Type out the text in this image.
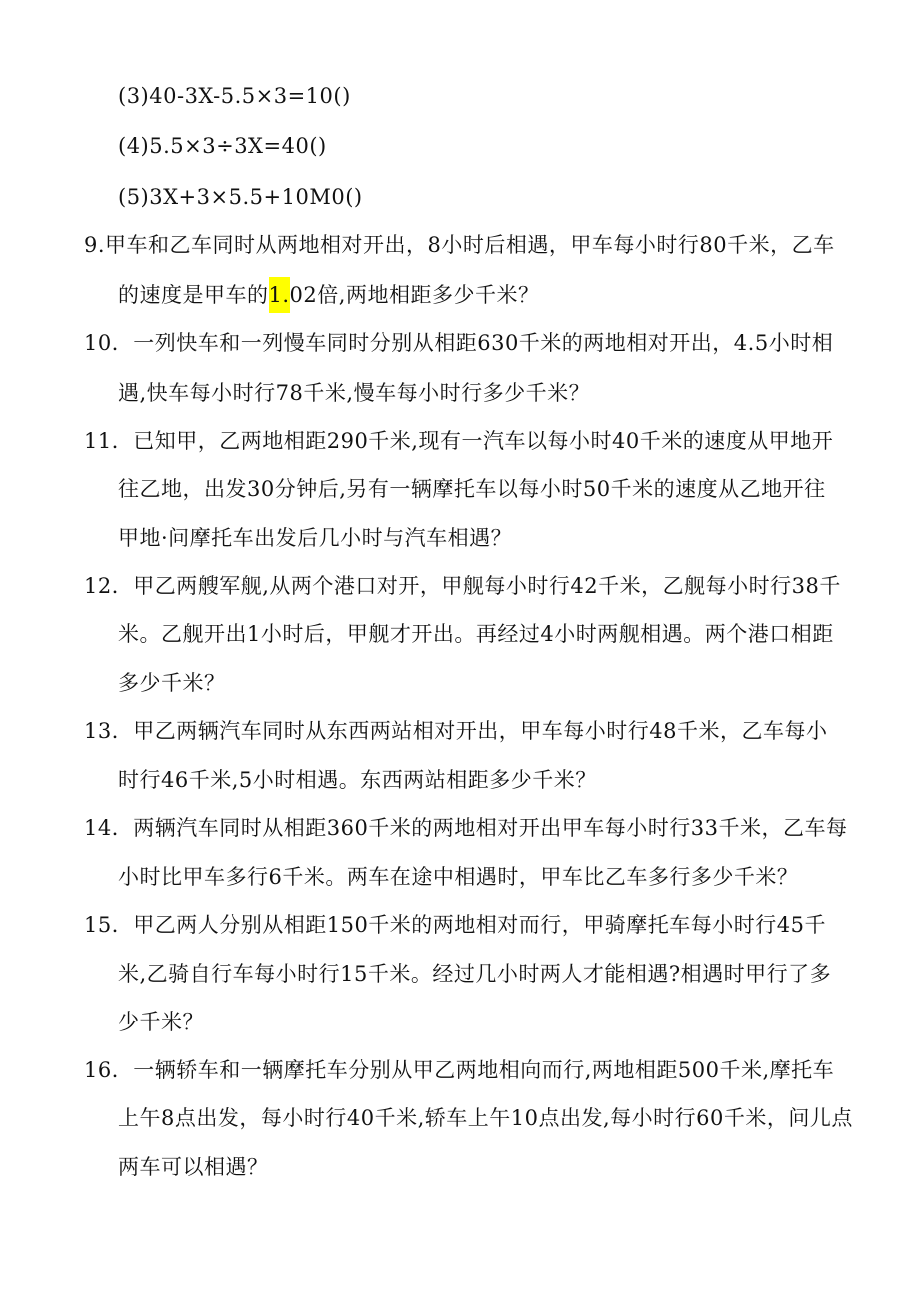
(3)40-3X-5.5×3=10()
(4)5.5×3÷3X=40()
(5)3X+3×5.5+10M0()
9.甲车和乙车同时从两地相对开出，8小时后相遇，甲车每小时行80千米，乙车
的速度是甲车的1.02倍,两地相距多少千米？
10．一列快车和一列慢车同时分别从相距630千米的两地相对开出，4.5小时相
遇,快车每小时行78千米,慢车每小时行多少千米？
11．已知甲，乙两地相距290千米,现有一汽车以每小时40千米的速度从甲地开
往乙地，出发30分钟后,另有一辆摩托车以每小时50千米的速度从乙地开往
甲地·问摩托车出发后几小时与汽车相遇？
12．甲乙两艘军舰,从两个港口对开，甲舰每小时行42千米，乙舰每小时行38千
米。乙舰开出1小时后，甲舰才开出。再经过4小时两舰相遇。两个港口相距
多少千米？
13．甲乙两辆汽车同时从东西两站相对开出，甲车每小时行48千米，乙车每小
时行46千米,5小时相遇。东西两站相距多少千米？
14．两辆汽车同时从相距360千米的两地相对开出甲车每小时行33千米，乙车每
小时比甲车多行6千米。两车在途中相遇时，甲车比乙车多行多少千米？
15．甲乙两人分别从相距150千米的两地相对而行，甲骑摩托车每小时行45千
米,乙骑自行车每小时行15千米。经过几小时两人才能相遇?相遇时甲行了多
少千米？
16．一辆轿车和一辆摩托车分别从甲乙两地相向而行,两地相距500千米,摩托车
上午8点出发，每小时行40千米,轿车上午10点出发,每小时行60千米，问儿点
两车可以相遇？
